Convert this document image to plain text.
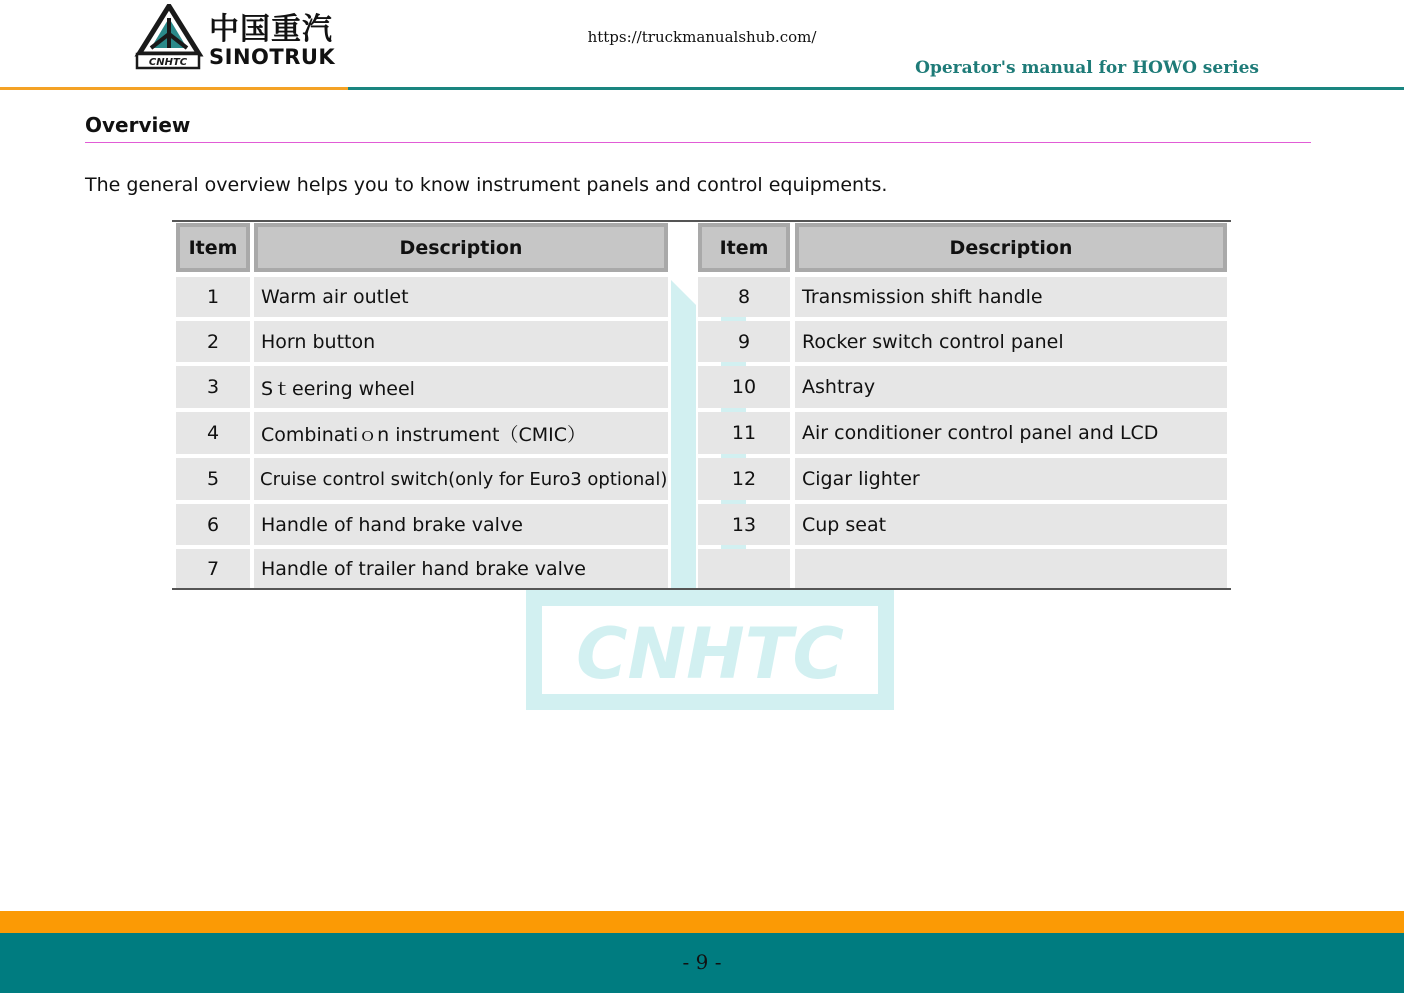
CNHTC
中国重汽
SINOTRUK
https://truckmanualshub.com/
Operator's manual for HOWO series
Overview
The general overview helps you to know instrument panels and control equipments.
CNHTC
Item	Description	Item	Description
1	Warm air outlet	8	Transmission shift handle
2	Horn button	9	Rocker switch control panel
3	Sｔeering wheel	10	Ashtray
4	Combinatiｏn instrument（CMIC）	11	Air conditioner control panel and LCD
5	Cruise control switch(only for Euro3 optional)	12	Cigar lighter
6	Handle of hand brake valve	13	Cup seat
7	Handle of trailer hand brake valve
- 9 -
